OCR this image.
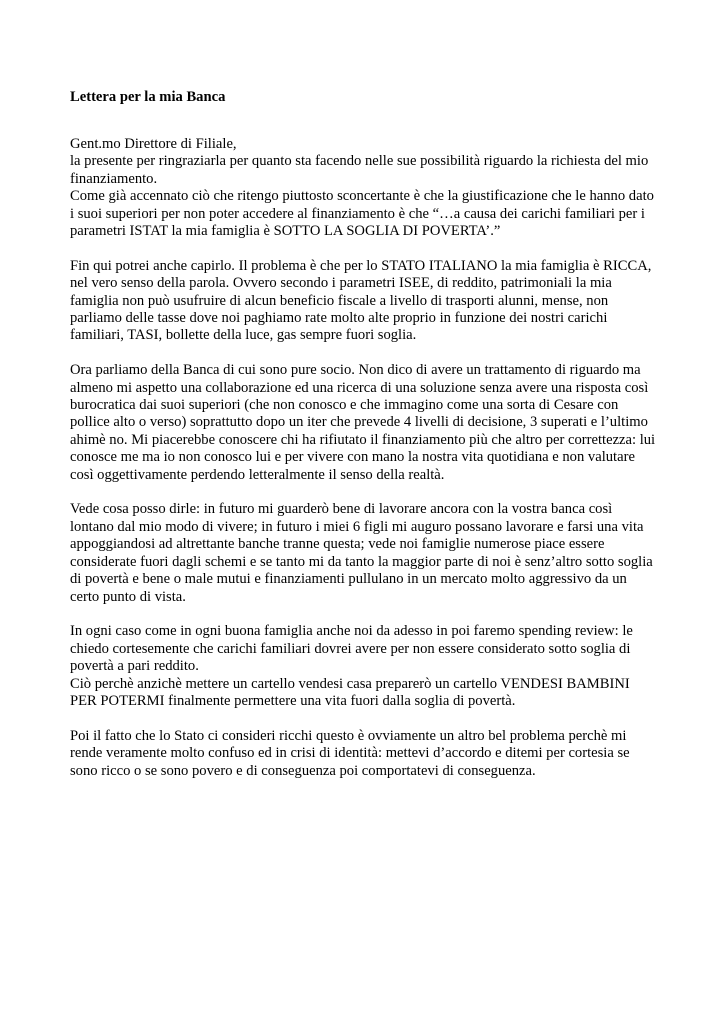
Lettera per la mia Banca

Gent.mo Direttore di Filiale,
la presente per ringraziarla per quanto sta facendo nelle sue possibilità riguardo la richiesta del mio
finanziamento.
Come già accennato ciò che ritengo piuttosto sconcertante è che la giustificazione che le hanno dato
i suoi superiori per non poter accedere al finanziamento è che “…a causa dei carichi familiari per i
parametri ISTAT la mia famiglia è SOTTO LA SOGLIA DI POVERTA’.”

Fin qui potrei anche capirlo. Il problema è che per lo STATO ITALIANO la mia famiglia è RICCA,
nel vero senso della parola. Ovvero secondo i parametri ISEE, di reddito, patrimoniali la mia
famiglia non può usufruire di alcun beneficio fiscale a livello di trasporti alunni, mense, non
parliamo delle tasse dove noi paghiamo rate molto alte proprio in funzione dei nostri carichi
familiari, TASI, bollette della luce, gas sempre fuori soglia.

Ora parliamo della Banca di cui sono pure socio. Non dico di avere un trattamento di riguardo ma
almeno mi aspetto una collaborazione ed una ricerca di una soluzione senza avere una risposta così
burocratica dai suoi superiori (che non conosco e che immagino come una sorta di Cesare con
pollice alto o verso) soprattutto dopo un iter che prevede 4 livelli di decisione, 3 superati e l’ultimo
ahimè no. Mi piacerebbe conoscere chi ha rifiutato il finanziamento più che altro per correttezza: lui
conosce me ma io non conosco lui e per vivere con mano la nostra vita quotidiana e non valutare
così oggettivamente perdendo letteralmente il senso della realtà.

Vede cosa posso dirle: in futuro mi guarderò bene di lavorare ancora con la vostra banca così
lontano dal mio modo di vivere; in futuro i miei 6 figli mi auguro possano lavorare e farsi una vita
appoggiandosi ad altrettante banche tranne questa; vede noi famiglie numerose piace essere
considerate fuori dagli schemi e se tanto mi da tanto la maggior parte di noi è senz’altro sotto soglia
di povertà e bene o male mutui e finanziamenti pullulano in un mercato molto aggressivo da un
certo punto di vista.

In ogni caso come in ogni buona famiglia anche noi da adesso in poi faremo spending review: le
chiedo cortesemente che carichi familiari dovrei avere per non essere considerato sotto soglia di
povertà a pari reddito.
Ciò perchè anzichè mettere un cartello vendesi casa preparerò un cartello VENDESI BAMBINI
PER POTERMI finalmente permettere una vita fuori dalla soglia di povertà.

Poi il fatto che lo Stato ci consideri ricchi questo è ovviamente un altro bel problema perchè mi
rende veramente molto confuso ed in crisi di identità: mettevi d’accordo e ditemi per cortesia se
sono ricco o se sono povero e di conseguenza poi comportatevi di conseguenza.
